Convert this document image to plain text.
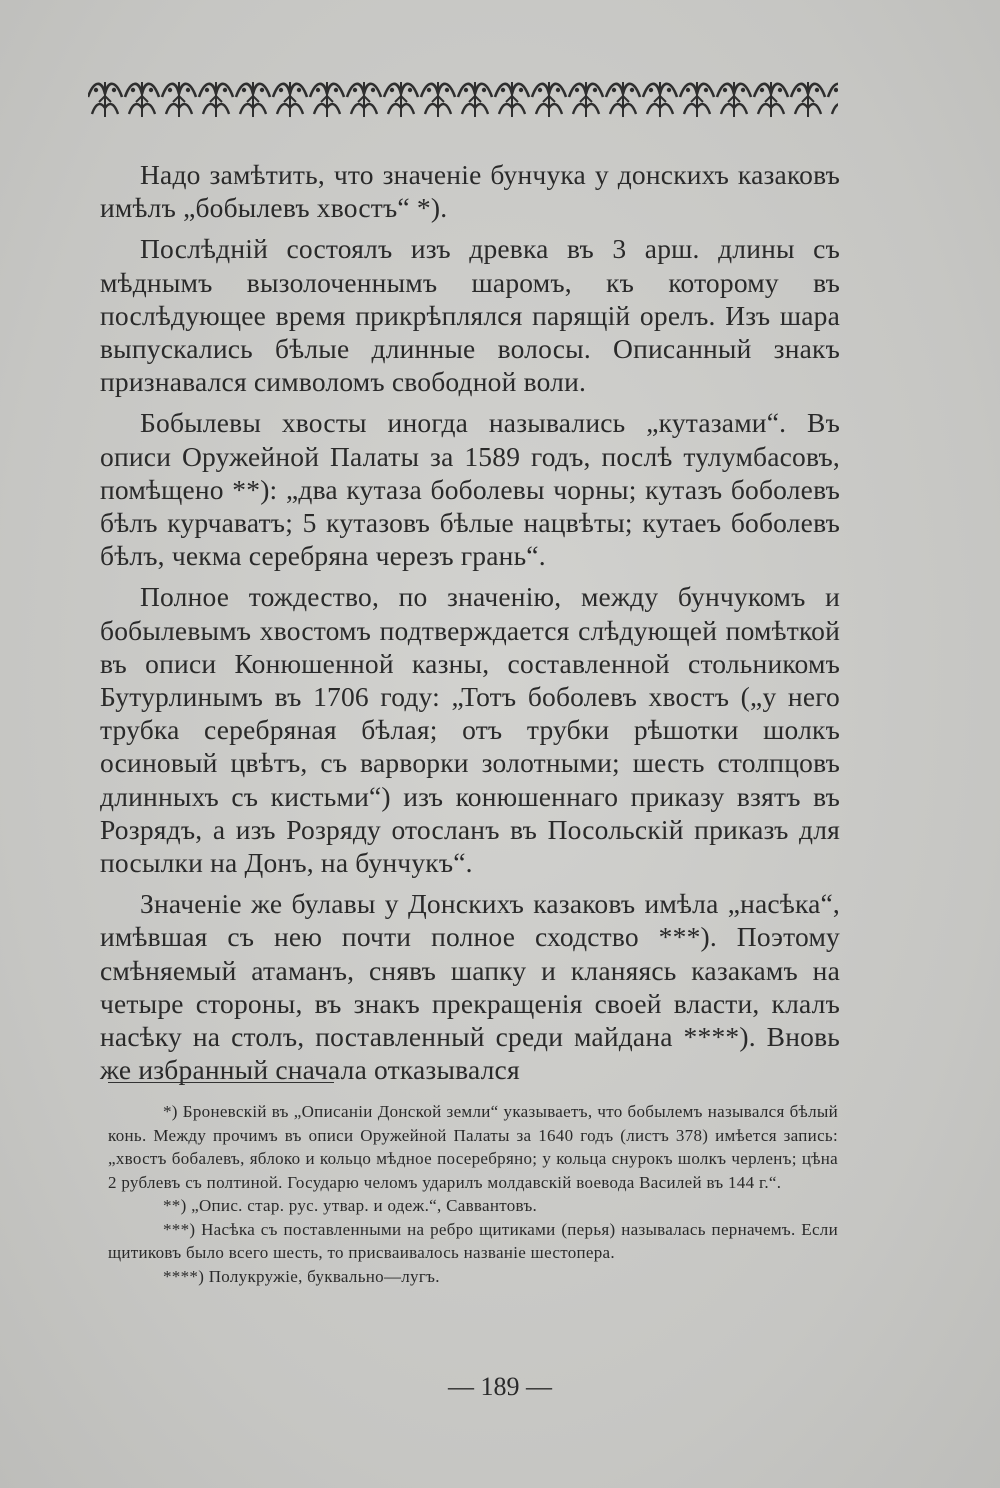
Надо замѣтить, что значенiе бунчука у донскихъ казаковъ имѣлъ „бобылевъ хвостъ“ *).

Послѣднiй состоялъ изъ древка въ 3 арш. длины съ мѣднымъ вызолоченнымъ шаромъ, къ которому въ послѣдующее время прикрѣплялся парящiй орелъ. Изъ шара выпускались бѣлые длинные волосы. Описанный знакъ признавался символомъ свободной воли.

Бобылевы хвосты иногда назывались „кутазами“. Въ описи Оружейной Палаты за 1589 годъ, послѣ тулумбасовъ, помѣщено **): „два кутаза боболевы чорны; кутазъ боболевъ бѣлъ курчаватъ; 5 кутазовъ бѣлые нацвѣты; кутаеъ боболевъ бѣлъ, чекма серебряна черезъ грань“.

Полное тождество, по значенiю, между бунчукомъ и бобылевымъ хвостомъ подтверждается слѣдующей помѣткой въ описи Конюшенной казны, составленной стольникомъ Бутурлинымъ въ 1706 году: „Тотъ боболевъ хвостъ („у него трубка серебряная бѣлая; отъ трубки рѣшотки шолкъ осиновый цвѣтъ, съ варворки золотными; шесть столпцовъ длинныхъ съ кистьми“) изъ конюшеннаго приказу взятъ въ Розрядъ, а изъ Розряду отосланъ въ Посольскiй приказъ для посылки на Донъ, на бунчукъ“.

Значенiе же булавы у Донскихъ казаковъ имѣла „насѣка“, имѣвшая съ нею почти полное сходство ***). Поэтому смѣняемый атаманъ, снявъ шапку и кланяясь казакамъ на четыре стороны, въ знакъ прекращенiя своей власти, клалъ насѣку на столъ, поставленный среди майдана ****). Вновь же избранный сначала отказывался

*) Броневскiй въ „Описанiи Донской земли“ указываетъ, что бобылемъ назывался бѣлый конь. Между прочимъ въ описи Оружейной Палаты за 1640 годъ (листъ 378) имѣется запись: „хвостъ бобалевъ, яблоко и кольцо мѣдное посеребряно; у кольца снурокъ шолкъ черленъ; цѣна 2 рублевъ съ полтиной. Государю челомъ ударилъ молдавскiй воевода Василей въ 144 г.“.

**) „Опис. стар. рус. утвар. и одеж.“, Саввантовъ.

***) Насѣка съ поставленными на ребро щитиками (перья) называлась перначемъ. Если щитиковъ было всего шесть, то присваивалось названiе шестопера.

****) Полукружiе, буквально—лугъ.

— 189 —
